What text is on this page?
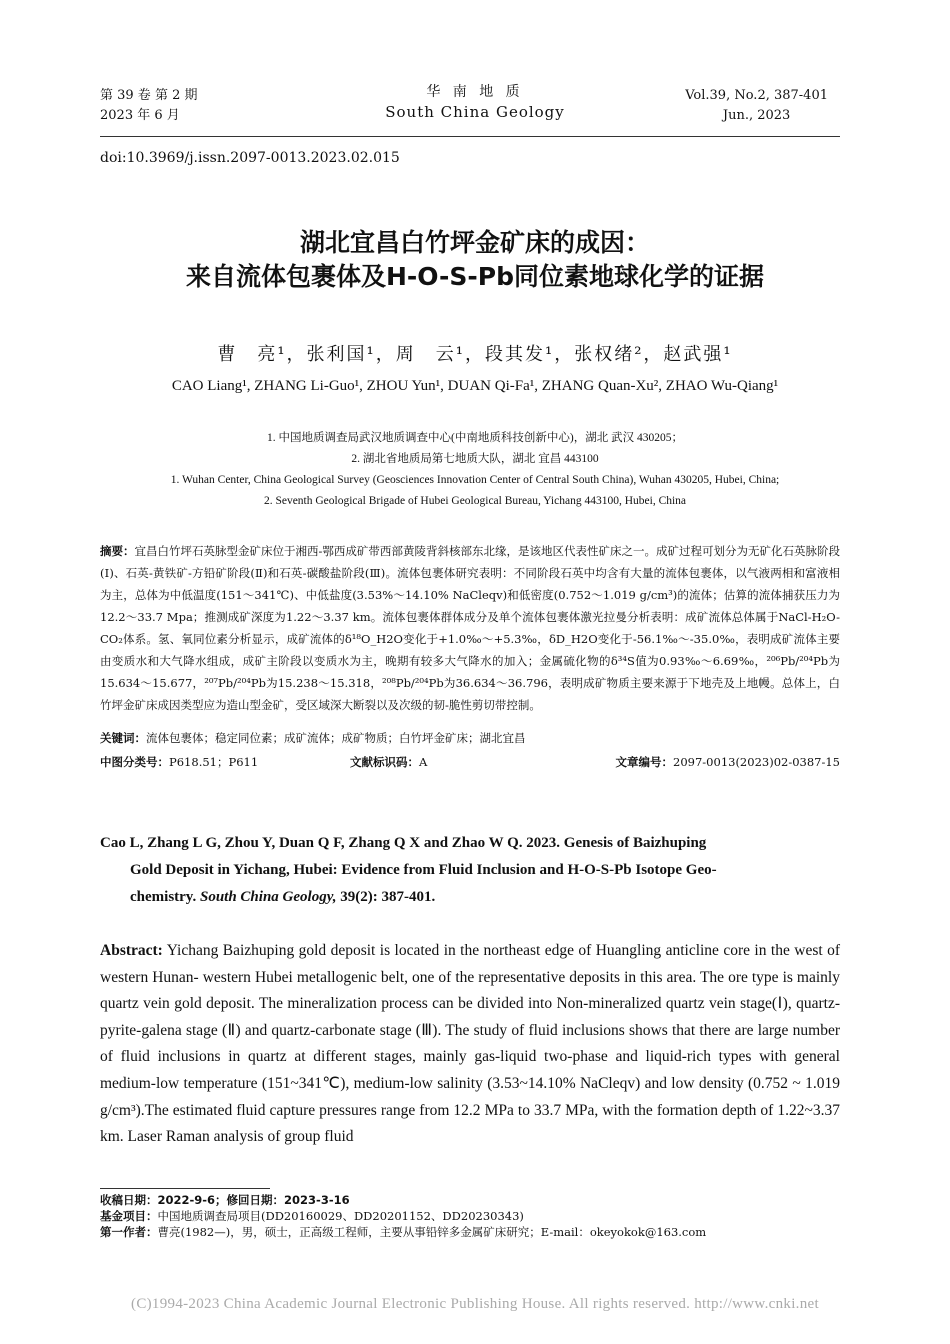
第 39 卷 第 2 期
2023 年 6 月
华 南 地 质
South China Geology
Vol.39, No.2, 387-401
Jun., 2023
doi:10.3969/j.issn.2097-0013.2023.02.015
湖北宜昌白竹坪金矿床的成因：
来自流体包裹体及H-O-S-Pb同位素地球化学的证据
曹　亮¹，张利国¹，周　云¹，段其发¹，张权绪²，赵武强¹
CAO Liang¹, ZHANG Li-Guo¹, ZHOU Yun¹, DUAN Qi-Fa¹, ZHANG Quan-Xu², ZHAO Wu-Qiang¹
1. 中国地质调查局武汉地质调查中心(中南地质科技创新中心)，湖北 武汉 430205；
2. 湖北省地质局第七地质大队，湖北 宜昌 443100
1. Wuhan Center, China Geological Survey (Geosciences Innovation Center of Central South China), Wuhan 430205, Hubei, China;
2. Seventh Geological Brigade of Hubei Geological Bureau, Yichang 443100, Hubei, China
摘要：宜昌白竹坪石英脉型金矿床位于湘西-鄂西成矿带西部黄陵背斜核部东北缘，是该地区代表性矿床之一。成矿过程可划分为无矿化石英脉阶段(Ⅰ)、石英-黄铁矿-方铅矿阶段(Ⅱ)和石英-碳酸盐阶段(Ⅲ)。流体包裹体研究表明：不同阶段石英中均含有大量的流体包裹体，以气液两相和富液相为主，总体为中低温度(151～341℃)、中低盐度(3.53%～14.10% NaCleqv)和低密度(0.752～1.019 g/cm³)的流体；估算的流体捕获压力为12.2～33.7 Mpa；推测成矿深度为1.22～3.37 km。流体包裹体群体成分及单个流体包裹体激光拉曼分析表明：成矿流体总体属于NaCl-H₂O-CO₂体系。氢、氧同位素分析显示，成矿流体的δ¹⁸O_H2O变化于+1.0‰～+5.3‰，δD_H2O变化于-56.1‰～-35.0‰，表明成矿流体主要由变质水和大气降水组成，成矿主阶段以变质水为主，晚期有较多大气降水的加入；金属硫化物的δ³⁴S值为0.93‰～6.69‰，²⁰⁶Pb/²⁰⁴Pb为15.634～15.677，²⁰⁷Pb/²⁰⁴Pb为15.238～15.318，²⁰⁸Pb/²⁰⁴Pb为36.634～36.796，表明成矿物质主要来源于下地壳及上地幔。总体上，白竹坪金矿床成因类型应为造山型金矿，受区域深大断裂以及次级的韧-脆性剪切带控制。
关键词：流体包裹体；稳定同位素；成矿流体；成矿物质；白竹坪金矿床；湖北宜昌
中图分类号：P618.51；P611	文献标识码：A	文章编号：2097-0013(2023)02-0387-15
Cao L, Zhang L G, Zhou Y, Duan Q F, Zhang Q X and Zhao W Q. 2023. Genesis of Baizhuping
Gold Deposit in Yichang, Hubei: Evidence from Fluid Inclusion and H-O-S-Pb Isotope Geo-
chemistry. South China Geology, 39(2): 387-401.
Abstract: Yichang Baizhuping gold deposit is located in the northeast edge of Huangling anticline core in the west of western Hunan- western Hubei metallogenic belt, one of the representative deposits in this area. The ore type is mainly quartz vein gold deposit. The mineralization process can be divided into Non-mineralized quartz vein stage(Ⅰ), quartz-pyrite-galena stage (Ⅱ) and quartz-carbonate stage (Ⅲ). The study of fluid inclusions shows that there are large number of fluid inclusions in quartz at different stages, mainly gas-liquid two-phase and liquid-rich types with general medium-low temperature (151~341℃), medium-low salinity (3.53~14.10% NaCleqv) and low density (0.752 ~ 1.019 g/cm³).The estimated fluid capture pressures range from 12.2 MPa to 33.7 MPa, with the formation depth of 1.22~3.37 km. Laser Raman analysis of group fluid
收稿日期：2022-9-6；修回日期：2023-3-16
基金项目：中国地质调查局项目(DD20160029、DD20201152、DD20230343)
第一作者：曹亮(1982—)，男，硕士，正高级工程师，主要从事铅锌多金属矿床研究；E-mail：okeyokok@163.com
(C)1994-2023 China Academic Journal Electronic Publishing House. All rights reserved. http://www.cnki.net
